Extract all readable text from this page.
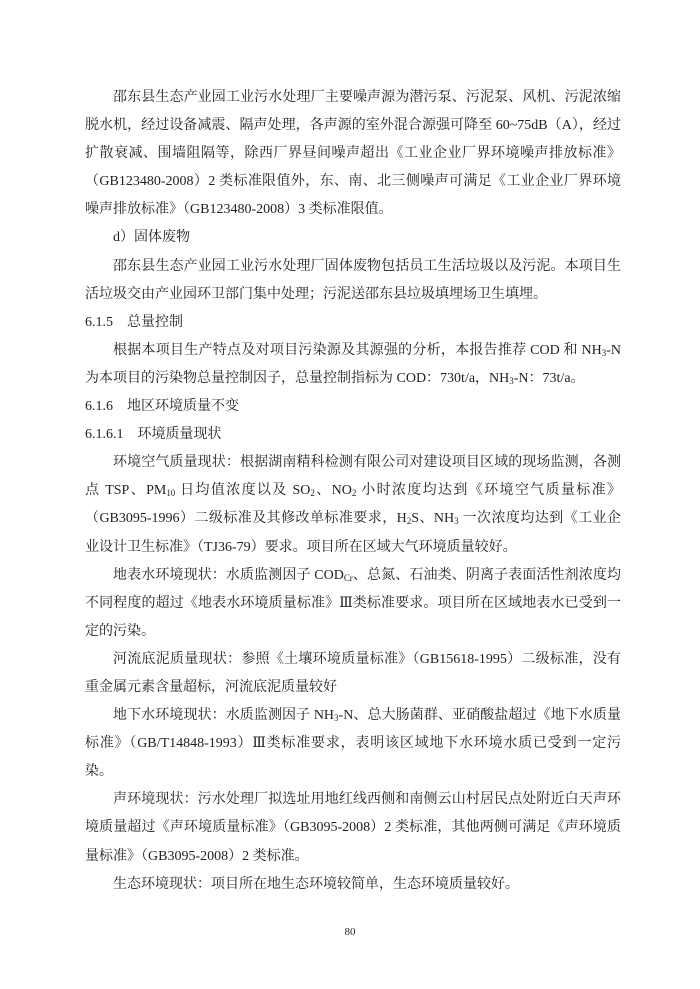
邵东县生态产业园工业污水处理厂主要噪声源为潜污泵、污泥泵、风机、污泥浓缩脱水机，经过设备减震、隔声处理，各声源的室外混合源强可降至 60~75dB（A），经过扩散衰减、围墙阻隔等，除西厂界昼间噪声超出《工业企业厂界环境噪声排放标准》（GB123480-2008）2 类标准限值外，东、南、北三侧噪声可满足《工业企业厂界环境噪声排放标准》（GB123480-2008）3 类标准限值。

d）固体废物

邵东县生态产业园工业污水处理厂固体废物包括员工生活垃圾以及污泥。本项目生活垃圾交由产业园环卫部门集中处理；污泥送邵东县垃圾填埋场卫生填埋。

6.1.5　总量控制

根据本项目生产特点及对项目污染源及其源强的分析，本报告推荐 COD 和 $NH_3-N$ 为本项目的污染物总量控制因子，总量控制指标为 COD：730t/a，$NH_3-N$：73t/a。

6.1.6　地区环境质量不变

6.1.6.1　环境质量现状

环境空气质量现状：根据湖南精科检测有限公司对建设项目区域的现场监测，各测点 TSP、$PM_{10}$ 日均值浓度以及 $SO_2$、$NO_2$ 小时浓度均达到《环境空气质量标准》（GB3095-1996）二级标准及其修改单标准要求，$H_2S$、$NH_3$ 一次浓度均达到《工业企业设计卫生标准》（TJ36-79）要求。项目所在区域大气环境质量较好。

地表水环境现状：水质监测因子 $COD_{Cr}$、总氮、石油类、阴离子表面活性剂浓度均不同程度的超过《地表水环境质量标准》Ⅲ类标准要求。项目所在区域地表水已受到一定的污染。

河流底泥质量现状：参照《土壤环境质量标准》（GB15618-1995）二级标准，没有重金属元素含量超标，河流底泥质量较好

地下水环境现状：水质监测因子 $NH_3-N$、总大肠菌群、亚硝酸盐超过《地下水质量标准》（GB/T14848-1993）Ⅲ类标准要求，表明该区域地下水环境水质已受到一定污染。

声环境现状：污水处理厂拟选址用地红线西侧和南侧云山村居民点处附近白天声环境质量超过《声环境质量标准》（GB3095-2008）2 类标准，其他两侧可满足《声环境质量标准》（GB3095-2008）2 类标准。

生态环境现状：项目所在地生态环境较简单，生态环境质量较好。

80
